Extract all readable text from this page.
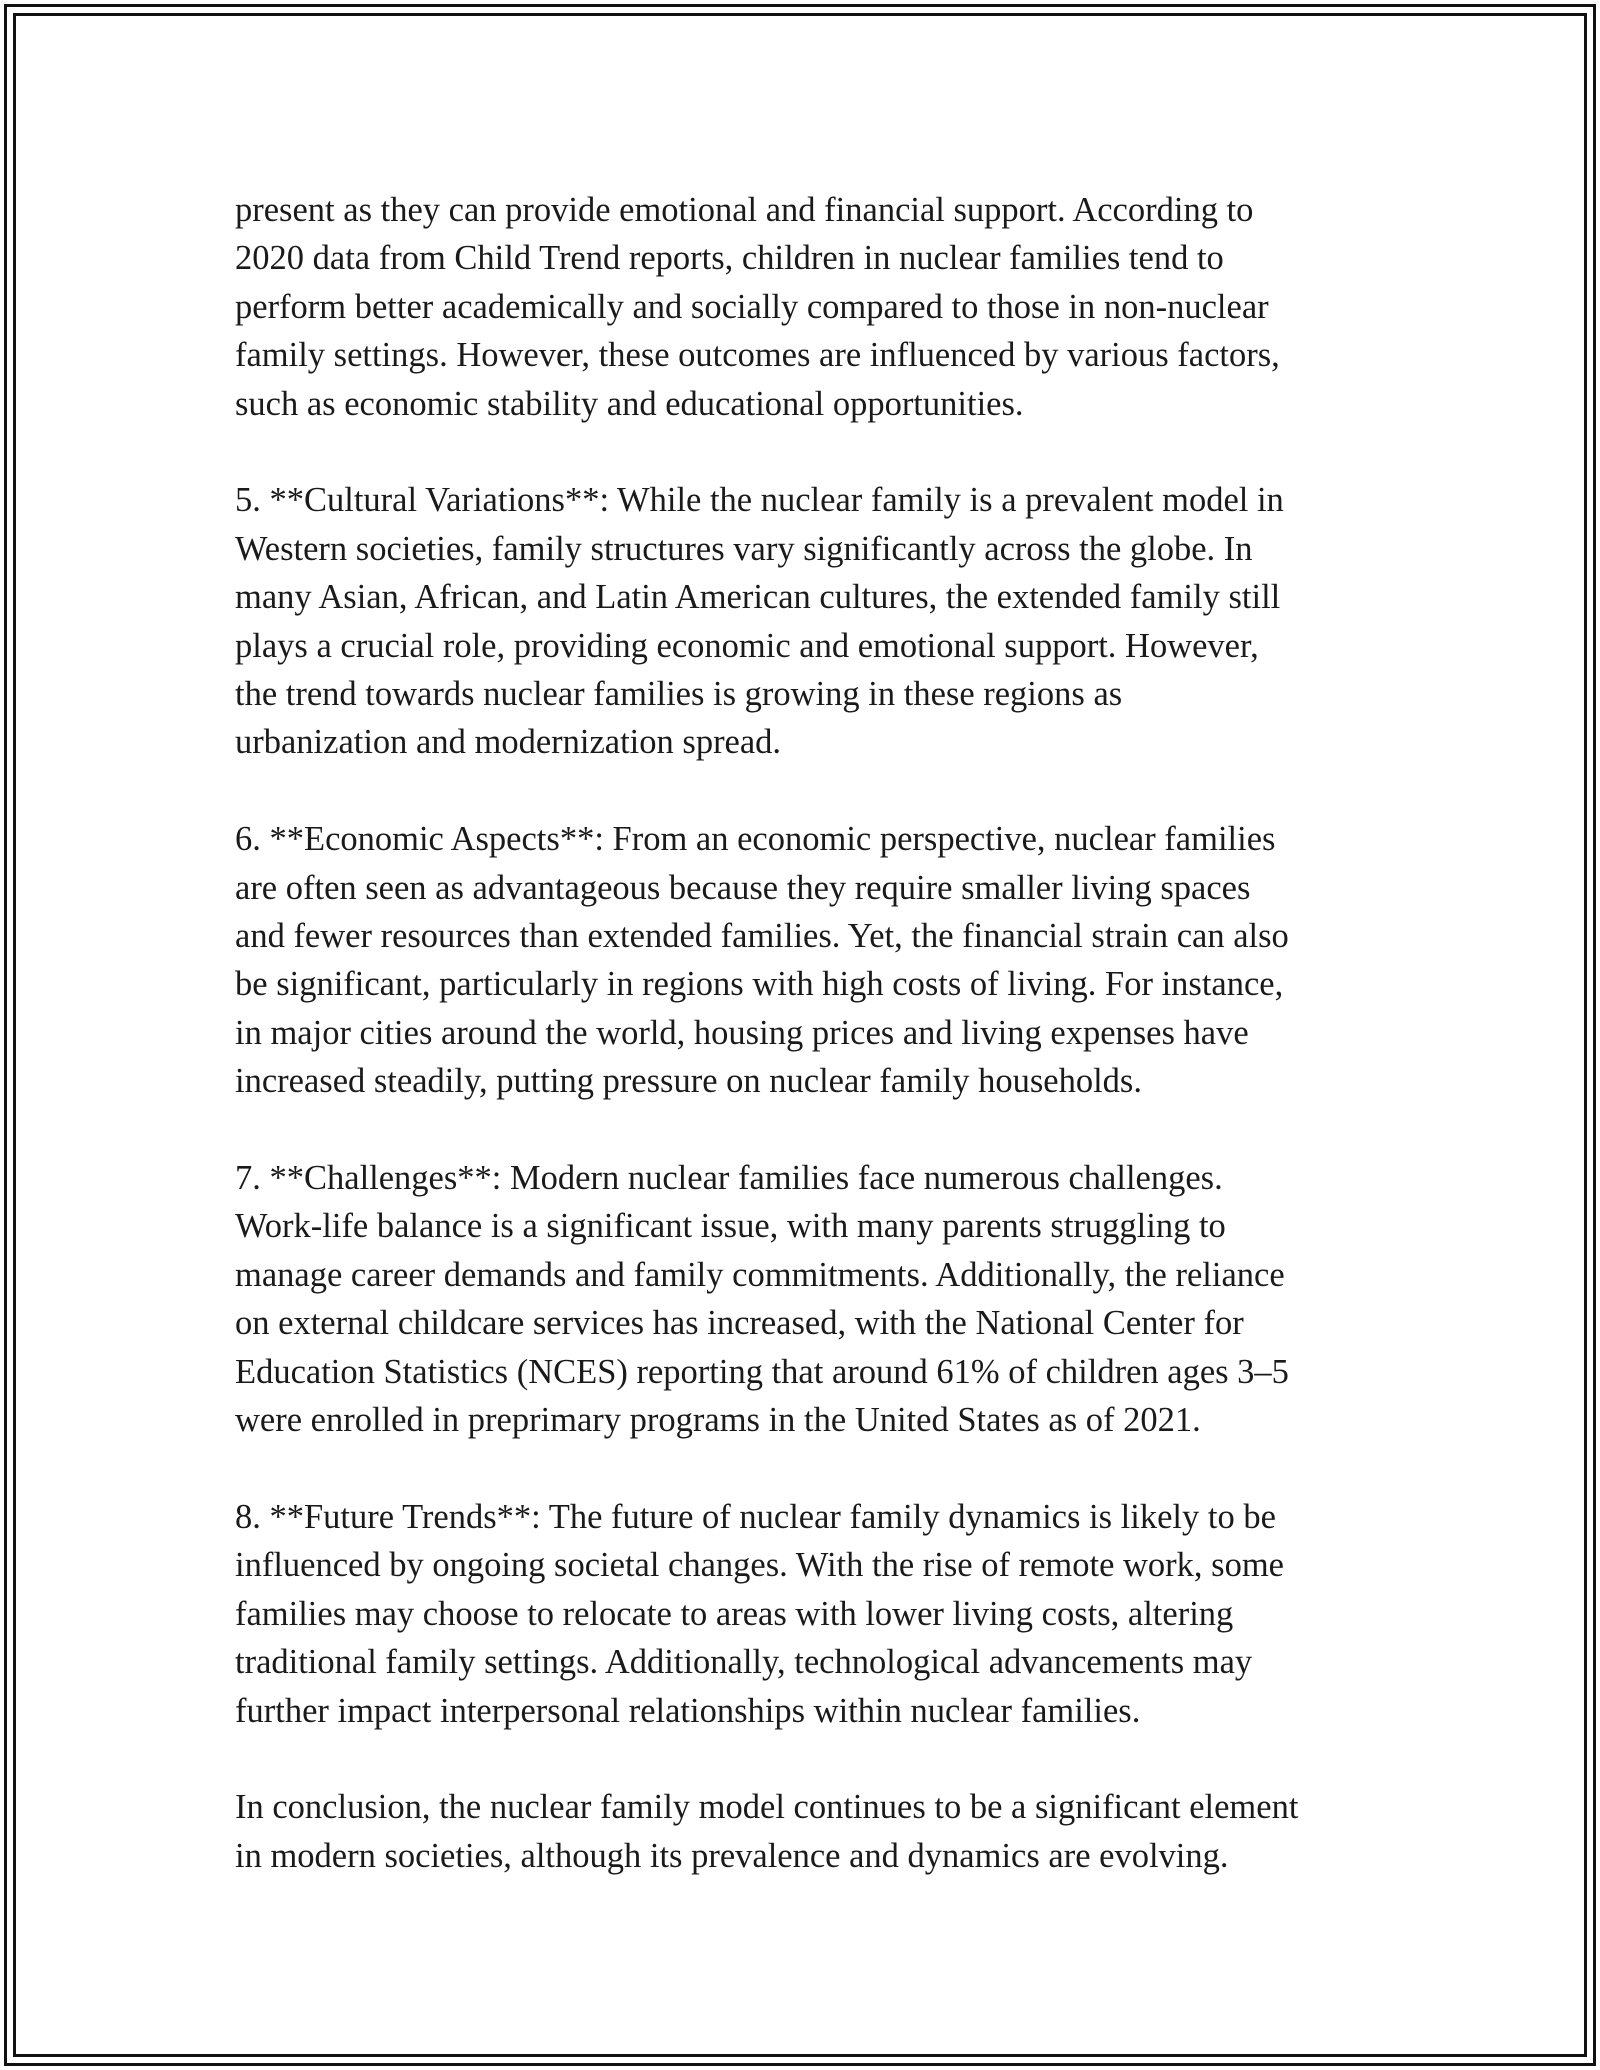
present as they can provide emotional and financial support. According to
2020 data from Child Trend reports, children in nuclear families tend to
perform better academically and socially compared to those in non-nuclear
family settings. However, these outcomes are influenced by various factors,
such as economic stability and educational opportunities.

5. **Cultural Variations**: While the nuclear family is a prevalent model in
Western societies, family structures vary significantly across the globe. In
many Asian, African, and Latin American cultures, the extended family still
plays a crucial role, providing economic and emotional support. However,
the trend towards nuclear families is growing in these regions as
urbanization and modernization spread.

6. **Economic Aspects**: From an economic perspective, nuclear families
are often seen as advantageous because they require smaller living spaces
and fewer resources than extended families. Yet, the financial strain can also
be significant, particularly in regions with high costs of living. For instance,
in major cities around the world, housing prices and living expenses have
increased steadily, putting pressure on nuclear family households.

7. **Challenges**: Modern nuclear families face numerous challenges.
Work-life balance is a significant issue, with many parents struggling to
manage career demands and family commitments. Additionally, the reliance
on external childcare services has increased, with the National Center for
Education Statistics (NCES) reporting that around 61% of children ages 3–5
were enrolled in preprimary programs in the United States as of 2021.

8. **Future Trends**: The future of nuclear family dynamics is likely to be
influenced by ongoing societal changes. With the rise of remote work, some
families may choose to relocate to areas with lower living costs, altering
traditional family settings. Additionally, technological advancements may
further impact interpersonal relationships within nuclear families.

In conclusion, the nuclear family model continues to be a significant element
in modern societies, although its prevalence and dynamics are evolving.
